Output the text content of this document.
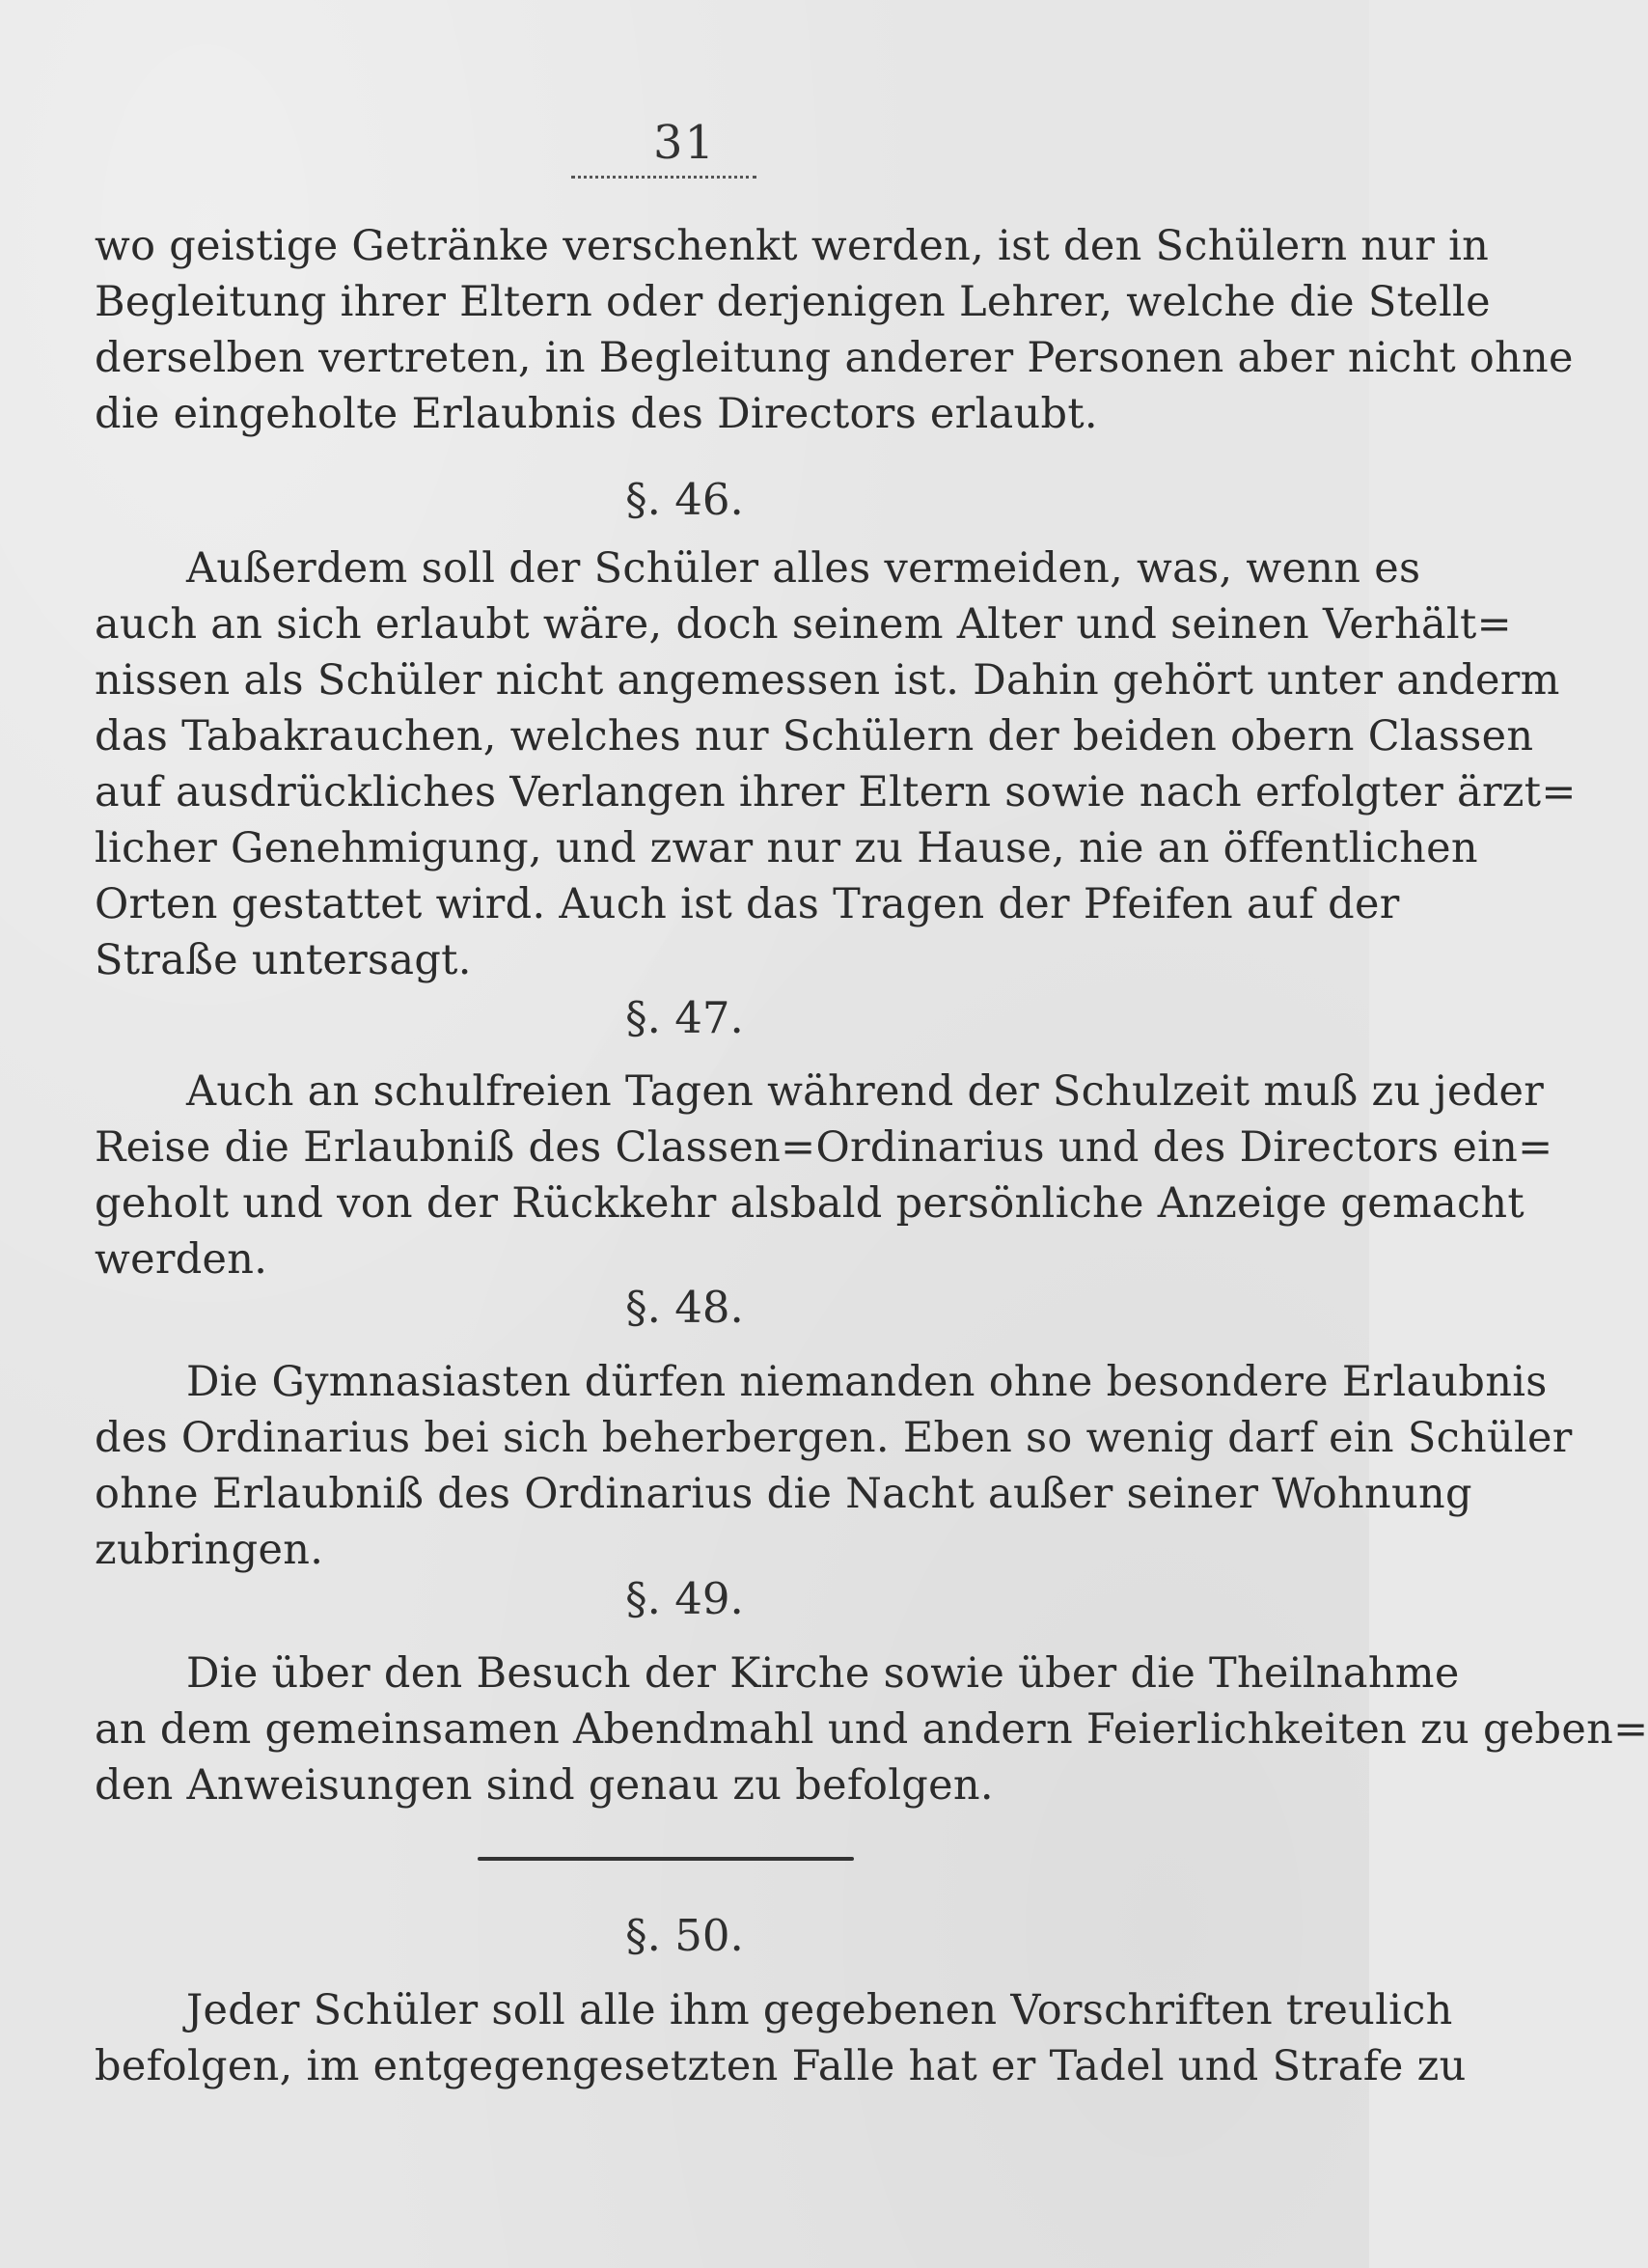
31
wo geistige Getränke verschenkt werden, ist den Schülern nur in
Begleitung ihrer Eltern oder derjenigen Lehrer, welche die Stelle
derselben vertreten, in Begleitung anderer Personen aber nicht ohne
die eingeholte Erlaubnis des Directors erlaubt.
§. 46.
Außerdem soll der Schüler alles vermeiden, was, wenn es
auch an sich erlaubt wäre, doch seinem Alter und seinen Verhält=
nissen als Schüler nicht angemessen ist. Dahin gehört unter anderm
das Tabakrauchen, welches nur Schülern der beiden obern Classen
auf ausdrückliches Verlangen ihrer Eltern sowie nach erfolgter ärzt=
licher Genehmigung, und zwar nur zu Hause, nie an öffentlichen
Orten gestattet wird. Auch ist das Tragen der Pfeifen auf der
Straße untersagt.
§. 47.
Auch an schulfreien Tagen während der Schulzeit muß zu jeder
Reise die Erlaubniß des Classen=Ordinarius und des Directors ein=
geholt und von der Rückkehr alsbald persönliche Anzeige gemacht
werden.
§. 48.
Die Gymnasiasten dürfen niemanden ohne besondere Erlaubnis
des Ordinarius bei sich beherbergen. Eben so wenig darf ein Schüler
ohne Erlaubniß des Ordinarius die Nacht außer seiner Wohnung
zubringen.
§. 49.
Die über den Besuch der Kirche sowie über die Theilnahme
an dem gemeinsamen Abendmahl und andern Feierlichkeiten zu geben=
den Anweisungen sind genau zu befolgen.
§. 50.
Jeder Schüler soll alle ihm gegebenen Vorschriften treulich
befolgen, im entgegengesetzten Falle hat er Tadel und Strafe zu
